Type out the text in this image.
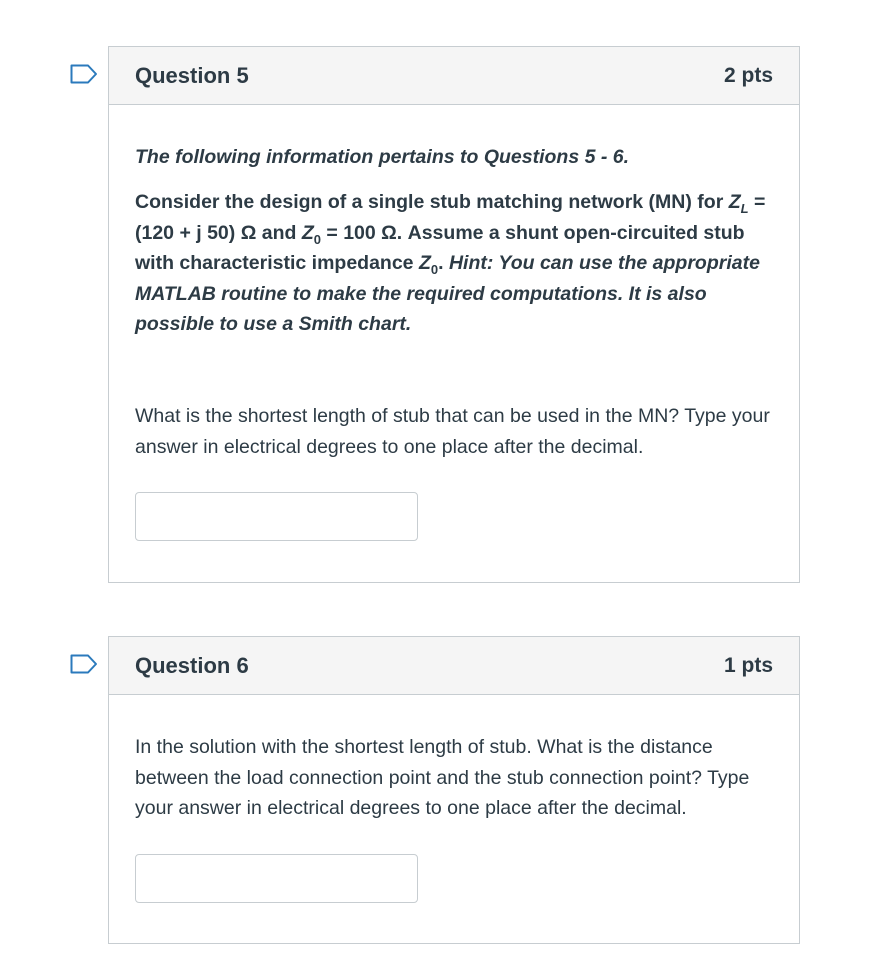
Question 5	2 pts

The following information pertains to Questions 5 - 6.

Consider the design of a single stub matching network (MN) for $Z_L = (120 + j$ 50) Ω and $Z_0 = 100$ Ω. Assume a shunt open-circuited stub with characteristic impedance $Z_0$. Hint: You can use the appropriate MATLAB routine to make the required computations. It is also possible to use a Smith chart.

What is the shortest length of stub that can be used in the MN? Type your answer in electrical degrees to one place after the decimal.

Question 6	1 pts

In the solution with the shortest length of stub. What is the distance between the load connection point and the stub connection point? Type your answer in electrical degrees to one place after the decimal.
